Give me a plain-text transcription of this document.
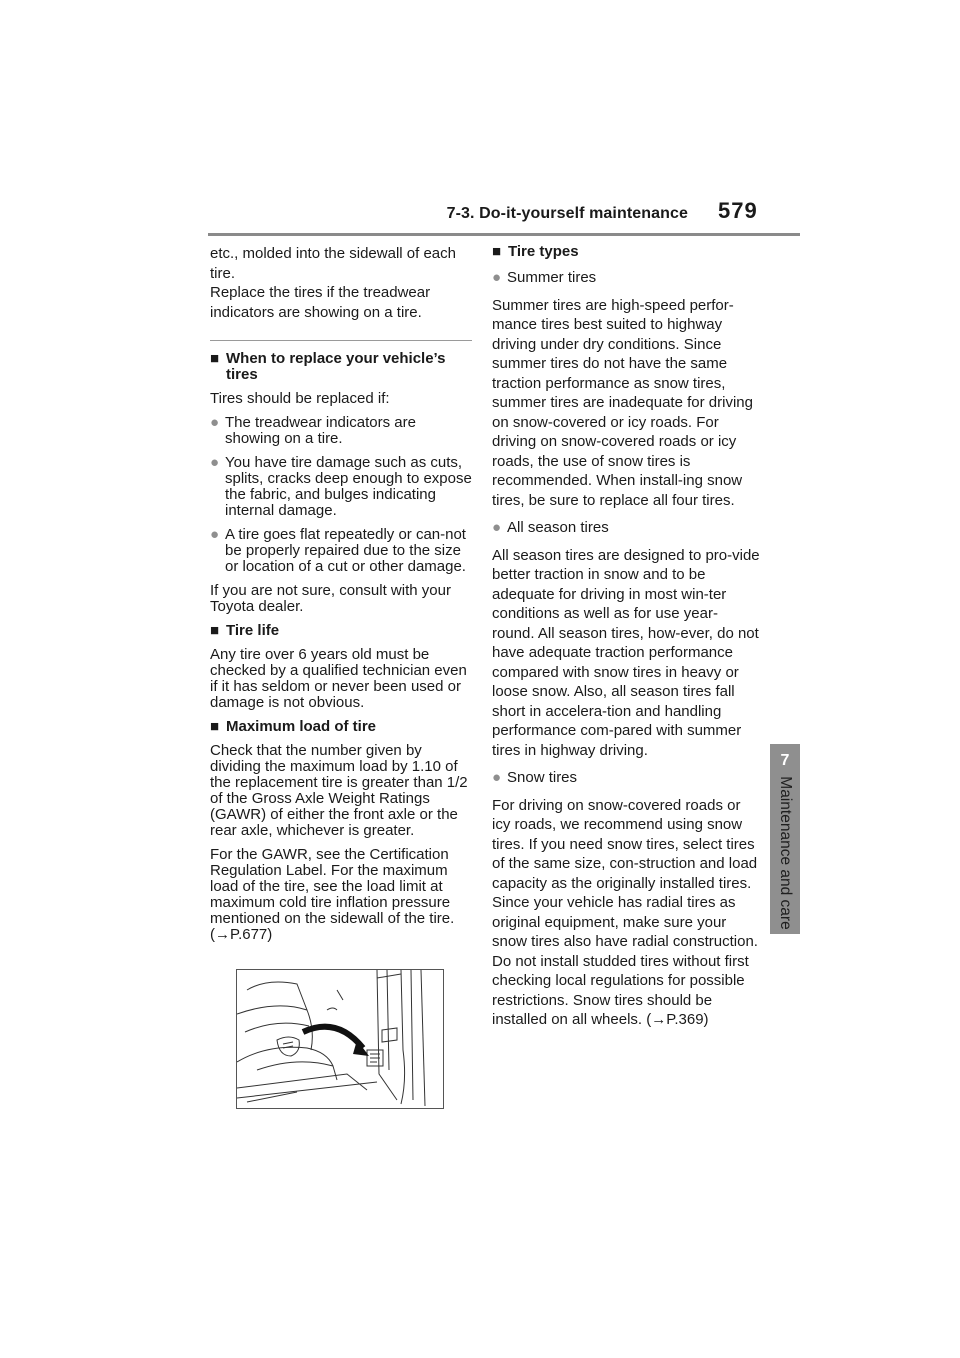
7-3. Do-it-yourself maintenance 579
7
Maintenance and care

etc., molded into the sidewall of each tire.

Replace the tires if the treadwear indicators are showing on a tire.

■ When to replace your vehicle’s tires

Tires should be replaced if:

● The treadwear indicators are showing on a tire.
● You have tire damage such as cuts, splits, cracks deep enough to expose the fabric, and bulges indicating internal damage.
● A tire goes flat repeatedly or can-not be properly repaired due to the size or location of a cut or other damage.

If you are not sure, consult with your Toyota dealer.

■ Tire life

Any tire over 6 years old must be checked by a qualified technician even if it has seldom or never been used or damage is not obvious.

■ Maximum load of tire

Check that the number given by dividing the maximum load by 1.10 of the replacement tire is greater than 1/2 of the Gross Axle Weight Ratings (GAWR) of either the front axle or the rear axle, whichever is greater.

For the GAWR, see the Certification Regulation Label. For the maximum load of the tire, see the load limit at maximum cold tire inflation pressure mentioned on the sidewall of the tire. (→P.677)

■ Tire types
● Summer tires

Summer tires are high-speed perfor-mance tires best suited to highway driving under dry conditions. Since summer tires do not have the same traction performance as snow tires, summer tires are inadequate for driving on snow-covered or icy roads. For driving on snow-covered roads or icy roads, the use of snow tires is recommended. When install-ing snow tires, be sure to replace all four tires.

● All season tires

All season tires are designed to pro-vide better traction in snow and to be adequate for driving in most win-ter conditions as well as for use year-round. All season tires, how-ever, do not have adequate traction performance compared with snow tires in heavy or loose snow. Also, all season tires fall short in accelera-tion and handling performance com-pared with summer tires in highway driving.

● Snow tires

For driving on snow-covered roads or icy roads, we recommend using snow tires. If you need snow tires, select tires of the same size, con-struction and load capacity as the originally installed tires. Since your vehicle has radial tires as original equipment, make sure your snow tires also have radial construction. Do not install studded tires without first checking local regulations for possible restrictions. Snow tires should be installed on all wheels. (→P.369)
